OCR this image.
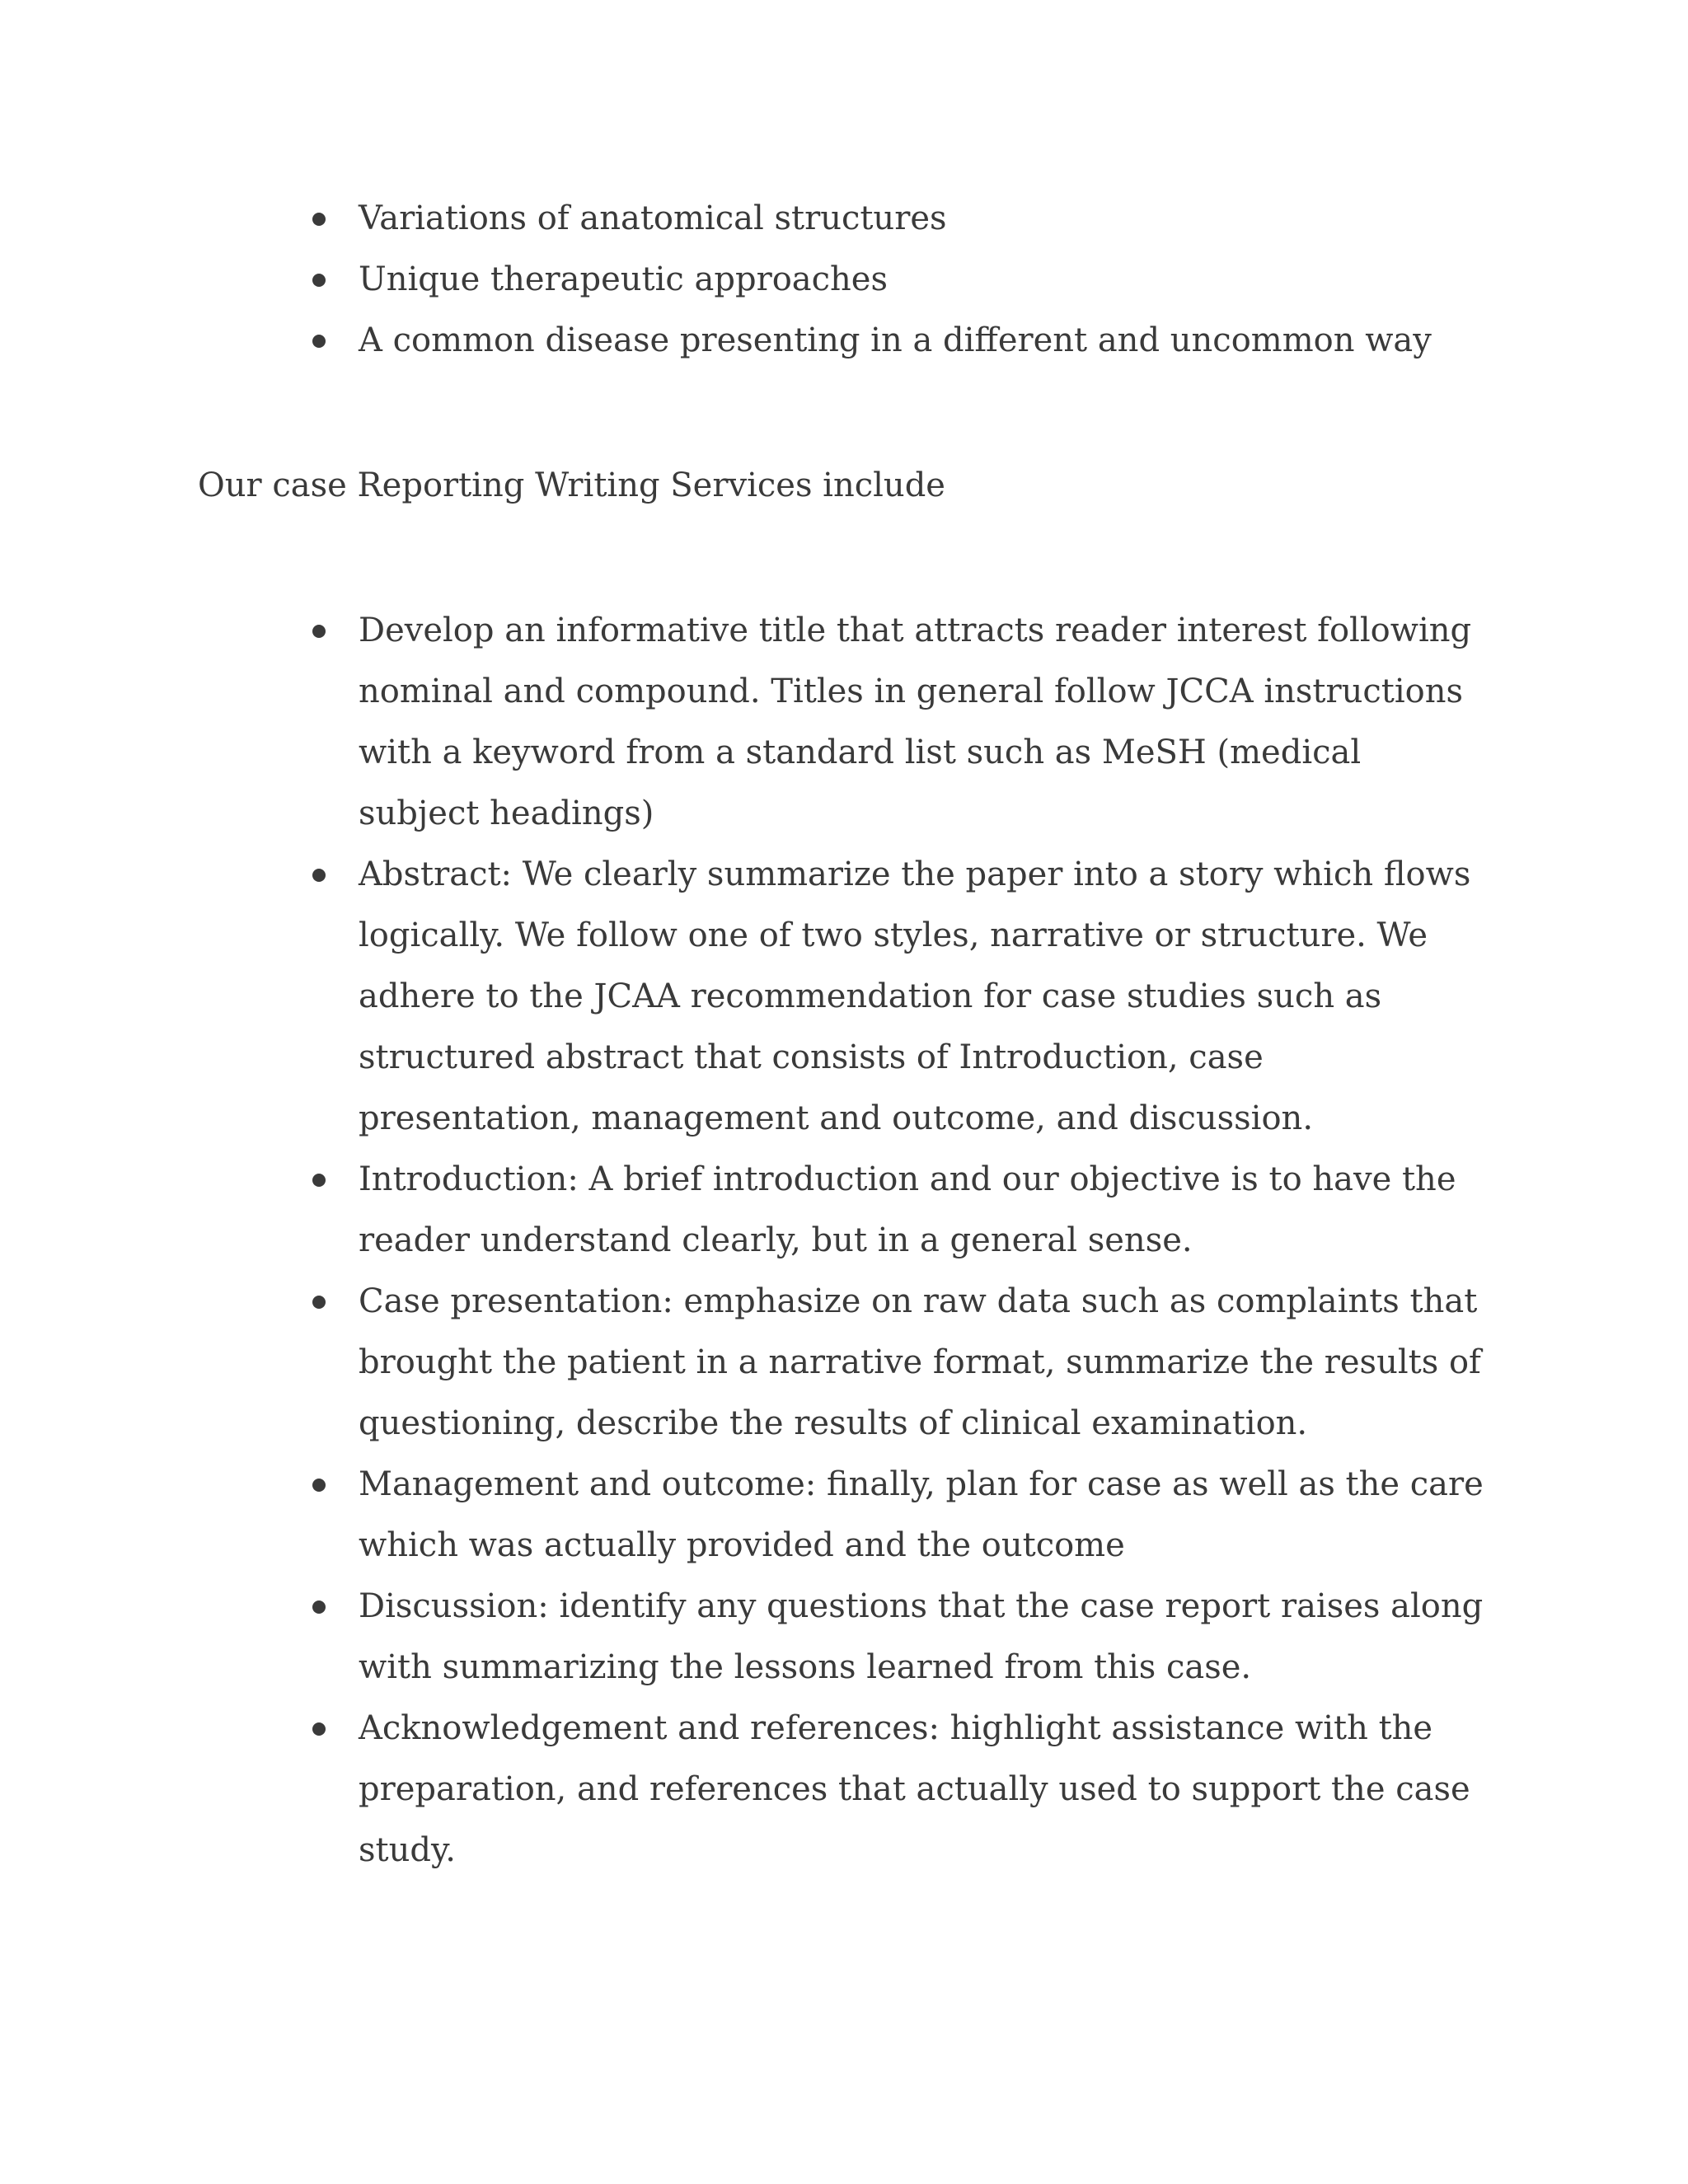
Variations of anatomical structures
Unique therapeutic approaches
A common disease presenting in a different and uncommon way

Our case Reporting Writing Services include

Develop an informative title that attracts reader interest following nominal and compound. Titles in general follow JCCA instructions with a keyword from a standard list such as MeSH (medical subject headings)
Abstract: We clearly summarize the paper into a story which flows logically. We follow one of two styles, narrative or structure. We adhere to the JCAA recommendation for case studies such as structured abstract that consists of Introduction, case presentation, management and outcome, and discussion.
Introduction: A brief introduction and our objective is to have the reader understand clearly, but in a general sense.
Case presentation: emphasize on raw data such as complaints that brought the patient in a narrative format, summarize the results of questioning, describe the results of clinical examination.
Management and outcome: finally, plan for case as well as the care which was actually provided and the outcome
Discussion: identify any questions that the case report raises along with summarizing the lessons learned from this case.
Acknowledgement and references: highlight assistance with the preparation, and references that actually used to support the case study.
